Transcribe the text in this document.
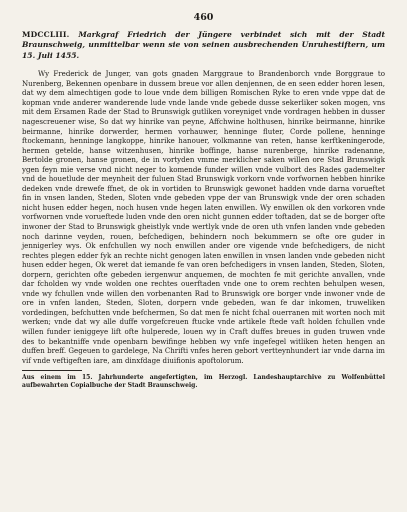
460

MDCCLIII. Markgraf Friedrich der Jüngere verbindet sich mit der Stadt Braunschweig, unmittelbar wenn sie von seinen ausbrechenden Unruhestiftern, um 15. Juli 1455.

Wy Frederick de Junger, van gots gnaden Marggraue to Brandenborch vnde Borggraue to Nurenberg, Bekennen openbare in dussem breue vor allen denjennen, de en seen edder horen lesen, dat wy dem almechtigen gode to loue vnde dem billigen Romischen Ryke to eren vnde vppe dat de kopman vnde anderer wanderende lude vnde lande vnde gebede dusse sekerliker soken mogen, vns mit dem Ersamen Rade der Stad to Brunswigk gutliken voreyniget vnde vordragen hebben in dusser nagescreuener wise, So dat wy hinrike van peyne, Affchwine holthusen, hinrike beirmanne, hinrike beirmanne, hinrike dorwerder, hermen vorhauwer, henninge fluter, Corde pollene, henninge ftockemann, henninge langkoppe, hinrike hanouer, volkmanne van reten, hanse kerftkeningerode, hermen getelde, hanse witzenhusen, hinrike boffinge, hanse nurenberge, hinrike radenanne, Bertolde gronen, hanse gronen, de in vortyden vmme merklicher saken willen ore Stad Brunswigk ygen feyn mie verse vnd nicht neger to komende funder willen vnde vulbort des Rades gademelter vnd de houetlude der meynheit der fuluen Stad Brunswigk vorkorn vnde vorfwornen hebben hinrike dedeken vnde drewefe ffnet, de ok in vortiden to Brunswigk gewonet hadden vnde darna vorueftet fin in vnsen landen, Steden, Sloten vnde gebeden vppe der van Brunswigk vnde der oren schaden nicht husen edder hegen, noch husen vnde hegen laten enwillen. Wy enwillen ok den vorkoren vnde vorfwornen vnde vorueftede luden vnde den oren nicht gunnen edder toftaden, dat se de borger ofte inwoner der Stad to Brunswigk gheistlyk vnde wertlyk vnde de oren uth vnfen landen vnde gebeden noch darinne veyden, rouen, befchedigen, behindern noch bekummern se ofte ore guder in jennigerley wys. Ok enfchullen wy noch enwillen ander ore vigende vnde befchedigers, de nicht rechtes plegen edder fyk an rechte nicht genogen laten enwillen in vnsen landen vnde gebeden nicht husen edder hegen, Ok weret dat iemande fe van oren befchedigers in vnsen landen, Steden, Sloten, dorpern, gerichten ofte gebeden iergenwur anquemen, de mochten fe mit gerichte anvallen, vnde dar fcholden wy vnde wolden one rechtes ouerftaden vnde one to orem rechten behulpen wesen, vnde wy fchullen vnde willen den vorbenanten Rad to Brunswigk ore borger vnde inwoner vnde de ore in vnfen landen, Steden, Sloten, dorpern vnde gebeden, wan fe dar inkomen, truweliken vordedingen, befchutten vnde befchermen, So dat men fe nicht fchal ouerranen mit worten noch mit werken; vnde dat wy alle duffe vorgefcreuen ftucke vnde artikele ftede vaft holden fchullen vnde willen funder ieniggeye lift ofte hulperede, louen wy in Craft duffes breues in guden truwen vnde des to bekantniffe vnde openbarn bewifinge hebben wy vnfe ingefegel witliken heten hengen an duffen breff. Gegeuen to gardelege, Na Chrifti vnfes heren gebort vertteynhundert iar vnde darna im vif vnde veftigeften iare, am dinxfdage diuifionis apoftolorum.

Aus einem im 15. Jahrhunderte angefertigten, im Herzogl. Landeshauptarchive zu Wolfenbüttel aufbewahrten Copialbuche der Stadt Braunschweig.
